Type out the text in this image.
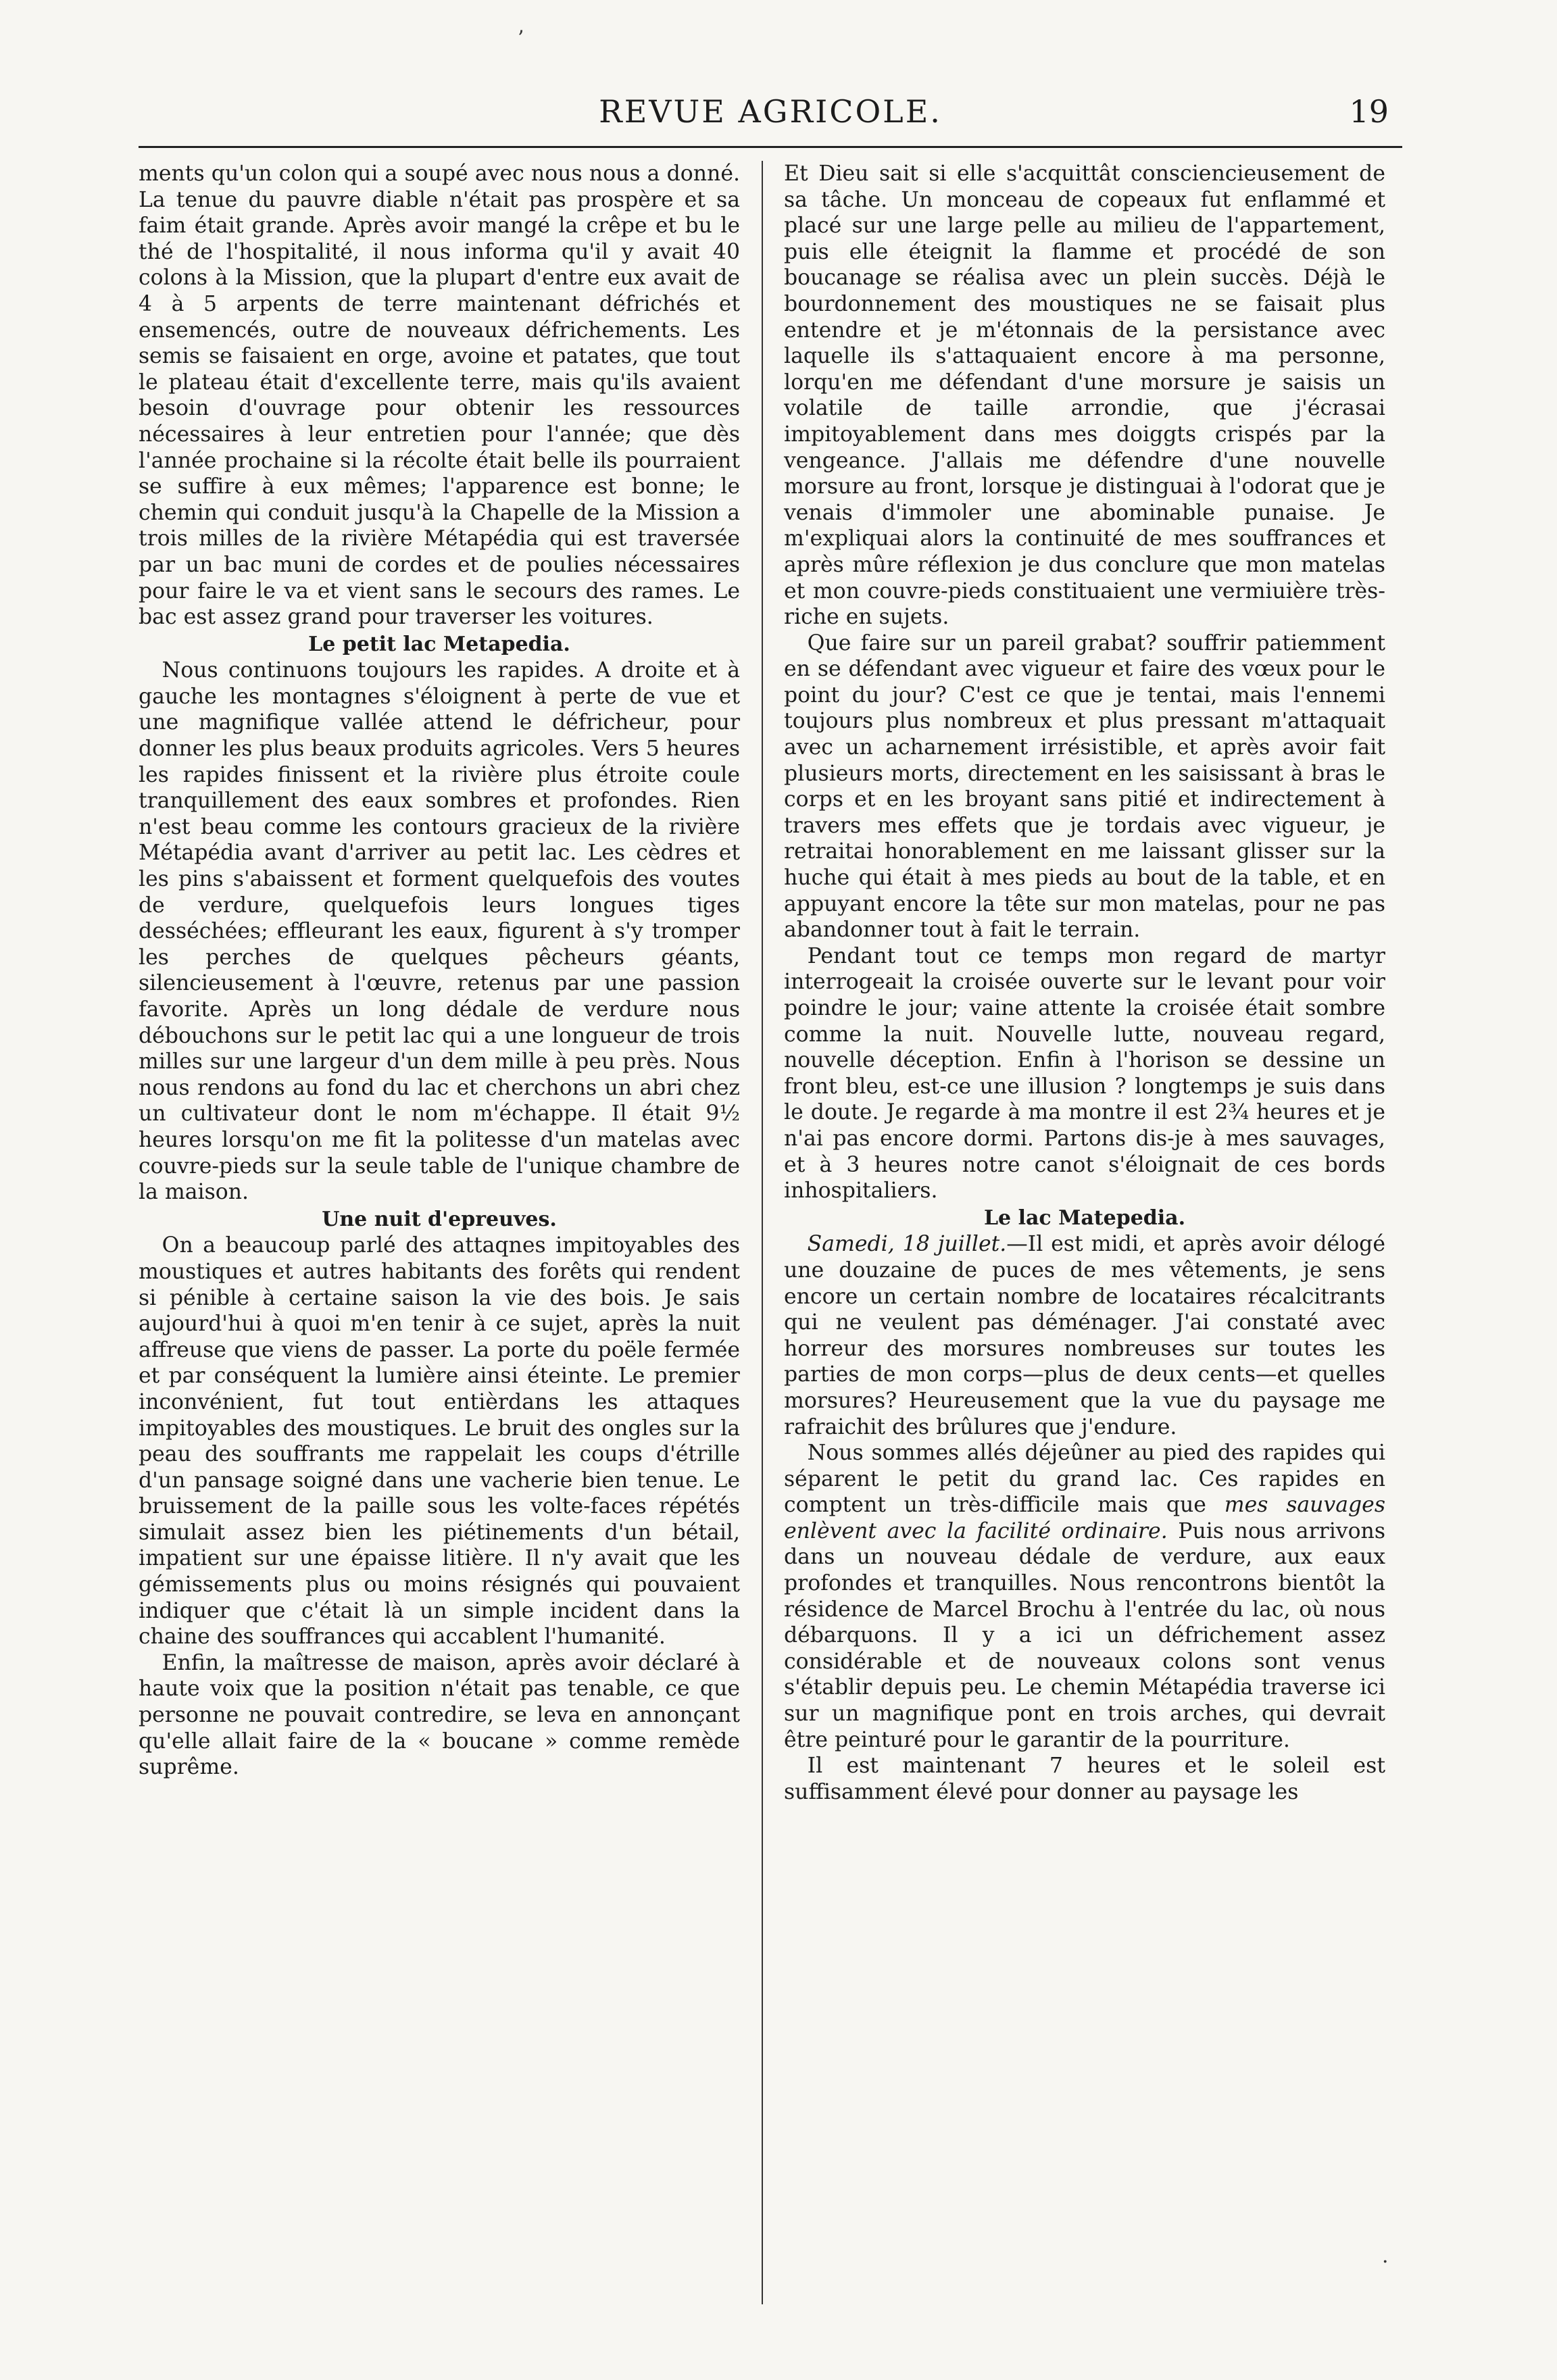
ʼ
REVUE AGRICOLE.	19

ments qu'un colon qui a soupé avec nous nous a donné. La tenue du pauvre diable n'était pas prospère et sa faim était grande. Après avoir mangé la crêpe et bu le thé de l'hospitalité, il nous informa qu'il y avait 40 colons à la Mission, que la plupart d'entre eux avait de 4 à 5 arpents de terre maintenant défrichés et ensemencés, outre de nouveaux défrichements. Les semis se faisaient en orge, avoine et patates, que tout le plateau était d'excellente terre, mais qu'ils avaient besoin d'ouvrage pour obtenir les ressources nécessaires à leur entretien pour l'année; que dès l'année prochaine si la récolte était belle ils pourraient se suffire à eux mêmes; l'apparence est bonne; le chemin qui conduit jusqu'à la Chapelle de la Mission a trois milles de la rivière Métapédia qui est traversée par un bac muni de cordes et de poulies nécessaires pour faire le va et vient sans le secours des rames. Le bac est assez grand pour traverser les voitures.

Le petit lac Metapedia.

Nous continuons toujours les rapides. A droite et à gauche les montagnes s'éloignent à perte de vue et une magnifique vallée attend le défricheur, pour donner les plus beaux produits agricoles. Vers 5 heures les rapides finissent et la rivière plus étroite coule tranquillement des eaux sombres et profondes. Rien n'est beau comme les contours gracieux de la rivière Métapédia avant d'arriver au petit lac. Les cèdres et les pins s'abaissent et forment quelquefois des voutes de verdure, quelquefois leurs longues tiges desséchées; effleurant les eaux, figurent à s'y tromper les perches de quelques pêcheurs géants, silencieusement à l'œuvre, retenus par une passion favorite. Après un long dédale de verdure nous débouchons sur le petit lac qui a une longueur de trois milles sur une largeur d'un dem mille à peu près. Nous nous rendons au fond du lac et cherchons un abri chez un cultivateur dont le nom m'échappe. Il était 9½ heures lorsqu'on me fit la politesse d'un matelas avec couvre-pieds sur la seule table de l'unique chambre de la maison.

Une nuit d'epreuves.

On a beaucoup parlé des attaqnes impitoyables des moustiques et autres habitants des forêts qui rendent si pénible à certaine saison la vie des bois. Je sais aujourd'hui à quoi m'en tenir à ce sujet, après la nuit affreuse que viens de passer. La porte du poële fermée et par conséquent la lumière ainsi éteinte. Le premier inconvénient, fut tout entièrdans les attaques impitoyables des moustiques. Le bruit des ongles sur la peau des souffrants me rappelait les coups d'étrille d'un pansage soigné dans une vacherie bien tenue. Le bruissement de la paille sous les volte-faces répétés simulait assez bien les piétinements d'un bétail, impatient sur une épaisse litière. Il n'y avait que les gémissements plus ou moins résignés qui pouvaient indiquer que c'était là un simple incident dans la chaine des souffrances qui accablent l'humanité.

Enfin, la maîtresse de maison, après avoir déclaré à haute voix que la position n'était pas tenable, ce que personne ne pouvait contredire, se leva en annonçant qu'elle allait faire de la « boucane » comme remède suprême.

Et Dieu sait si elle s'acquittât consciencieusement de sa tâche. Un monceau de copeaux fut enflammé et placé sur une large pelle au milieu de l'appartement, puis elle éteignit la flamme et procédé de son boucanage se réalisa avec un plein succès. Déjà le bourdonnement des moustiques ne se faisait plus entendre et je m'étonnais de la persistance avec laquelle ils s'attaquaient encore à ma personne, lorqu'en me défendant d'une morsure je saisis un volatile de taille arrondie, que j'écrasai impitoyablement dans mes doiggts crispés par la vengeance. J'allais me défendre d'une nouvelle morsure au front, lorsque je distinguai à l'odorat que je venais d'immoler une abominable punaise. Je m'expliquai alors la continuité de mes souffrances et après mûre réflexion je dus conclure que mon matelas et mon couvre-pieds constituaient une vermiuière très-riche en sujets.

Que faire sur un pareil grabat? souffrir patiemment en se défendant avec vigueur et faire des vœux pour le point du jour? C'est ce que je tentai, mais l'ennemi toujours plus nombreux et plus pressant m'attaquait avec un acharnement irrésistible, et après avoir fait plusieurs morts, directement en les saisissant à bras le corps et en les broyant sans pitié et indirectement à travers mes effets que je tordais avec vigueur, je retraitai honorablement en me laissant glisser sur la huche qui était à mes pieds au bout de la table, et en appuyant encore la tête sur mon matelas, pour ne pas abandonner tout à fait le terrain.

Pendant tout ce temps mon regard de martyr interrogeait la croisée ouverte sur le levant pour voir poindre le jour; vaine attente la croisée était sombre comme la nuit. Nouvelle lutte, nouveau regard, nouvelle déception. Enfin à l'horison se dessine un front bleu, est-ce une illusion ? longtemps je suis dans le doute. Je regarde à ma montre il est 2¾ heures et je n'ai pas encore dormi. Partons dis-je à mes sauvages, et à 3 heures notre canot s'éloignait de ces bords inhospitaliers.

Le lac Matepedia.

Samedi, 18 juillet.—Il est midi, et après avoir délogé une douzaine de puces de mes vêtements, je sens encore un certain nombre de locataires récalcitrants qui ne veulent pas déménager. J'ai constaté avec horreur des morsures nombreuses sur toutes les parties de mon corps—plus de deux cents—et quelles morsures? Heureusement que la vue du paysage me rafraichit des brûlures que j'endure.

Nous sommes allés déjeûner au pied des rapides qui séparent le petit du grand lac. Ces rapides en comptent un très-difficile mais que mes sauvages enlèvent avec la facilité ordinaire. Puis nous arrivons dans un nouveau dédale de verdure, aux eaux profondes et tranquilles. Nous rencontrons bientôt la résidence de Marcel Brochu à l'entrée du lac, où nous débarquons. Il y a ici un défrichement assez considérable et de nouveaux colons sont venus s'établir depuis peu. Le chemin Métapédia traverse ici sur un magnifique pont en trois arches, qui devrait être peinturé pour le garantir de la pourriture.

Il est maintenant 7 heures et le soleil est suffisamment élevé pour donner au paysage les

·
